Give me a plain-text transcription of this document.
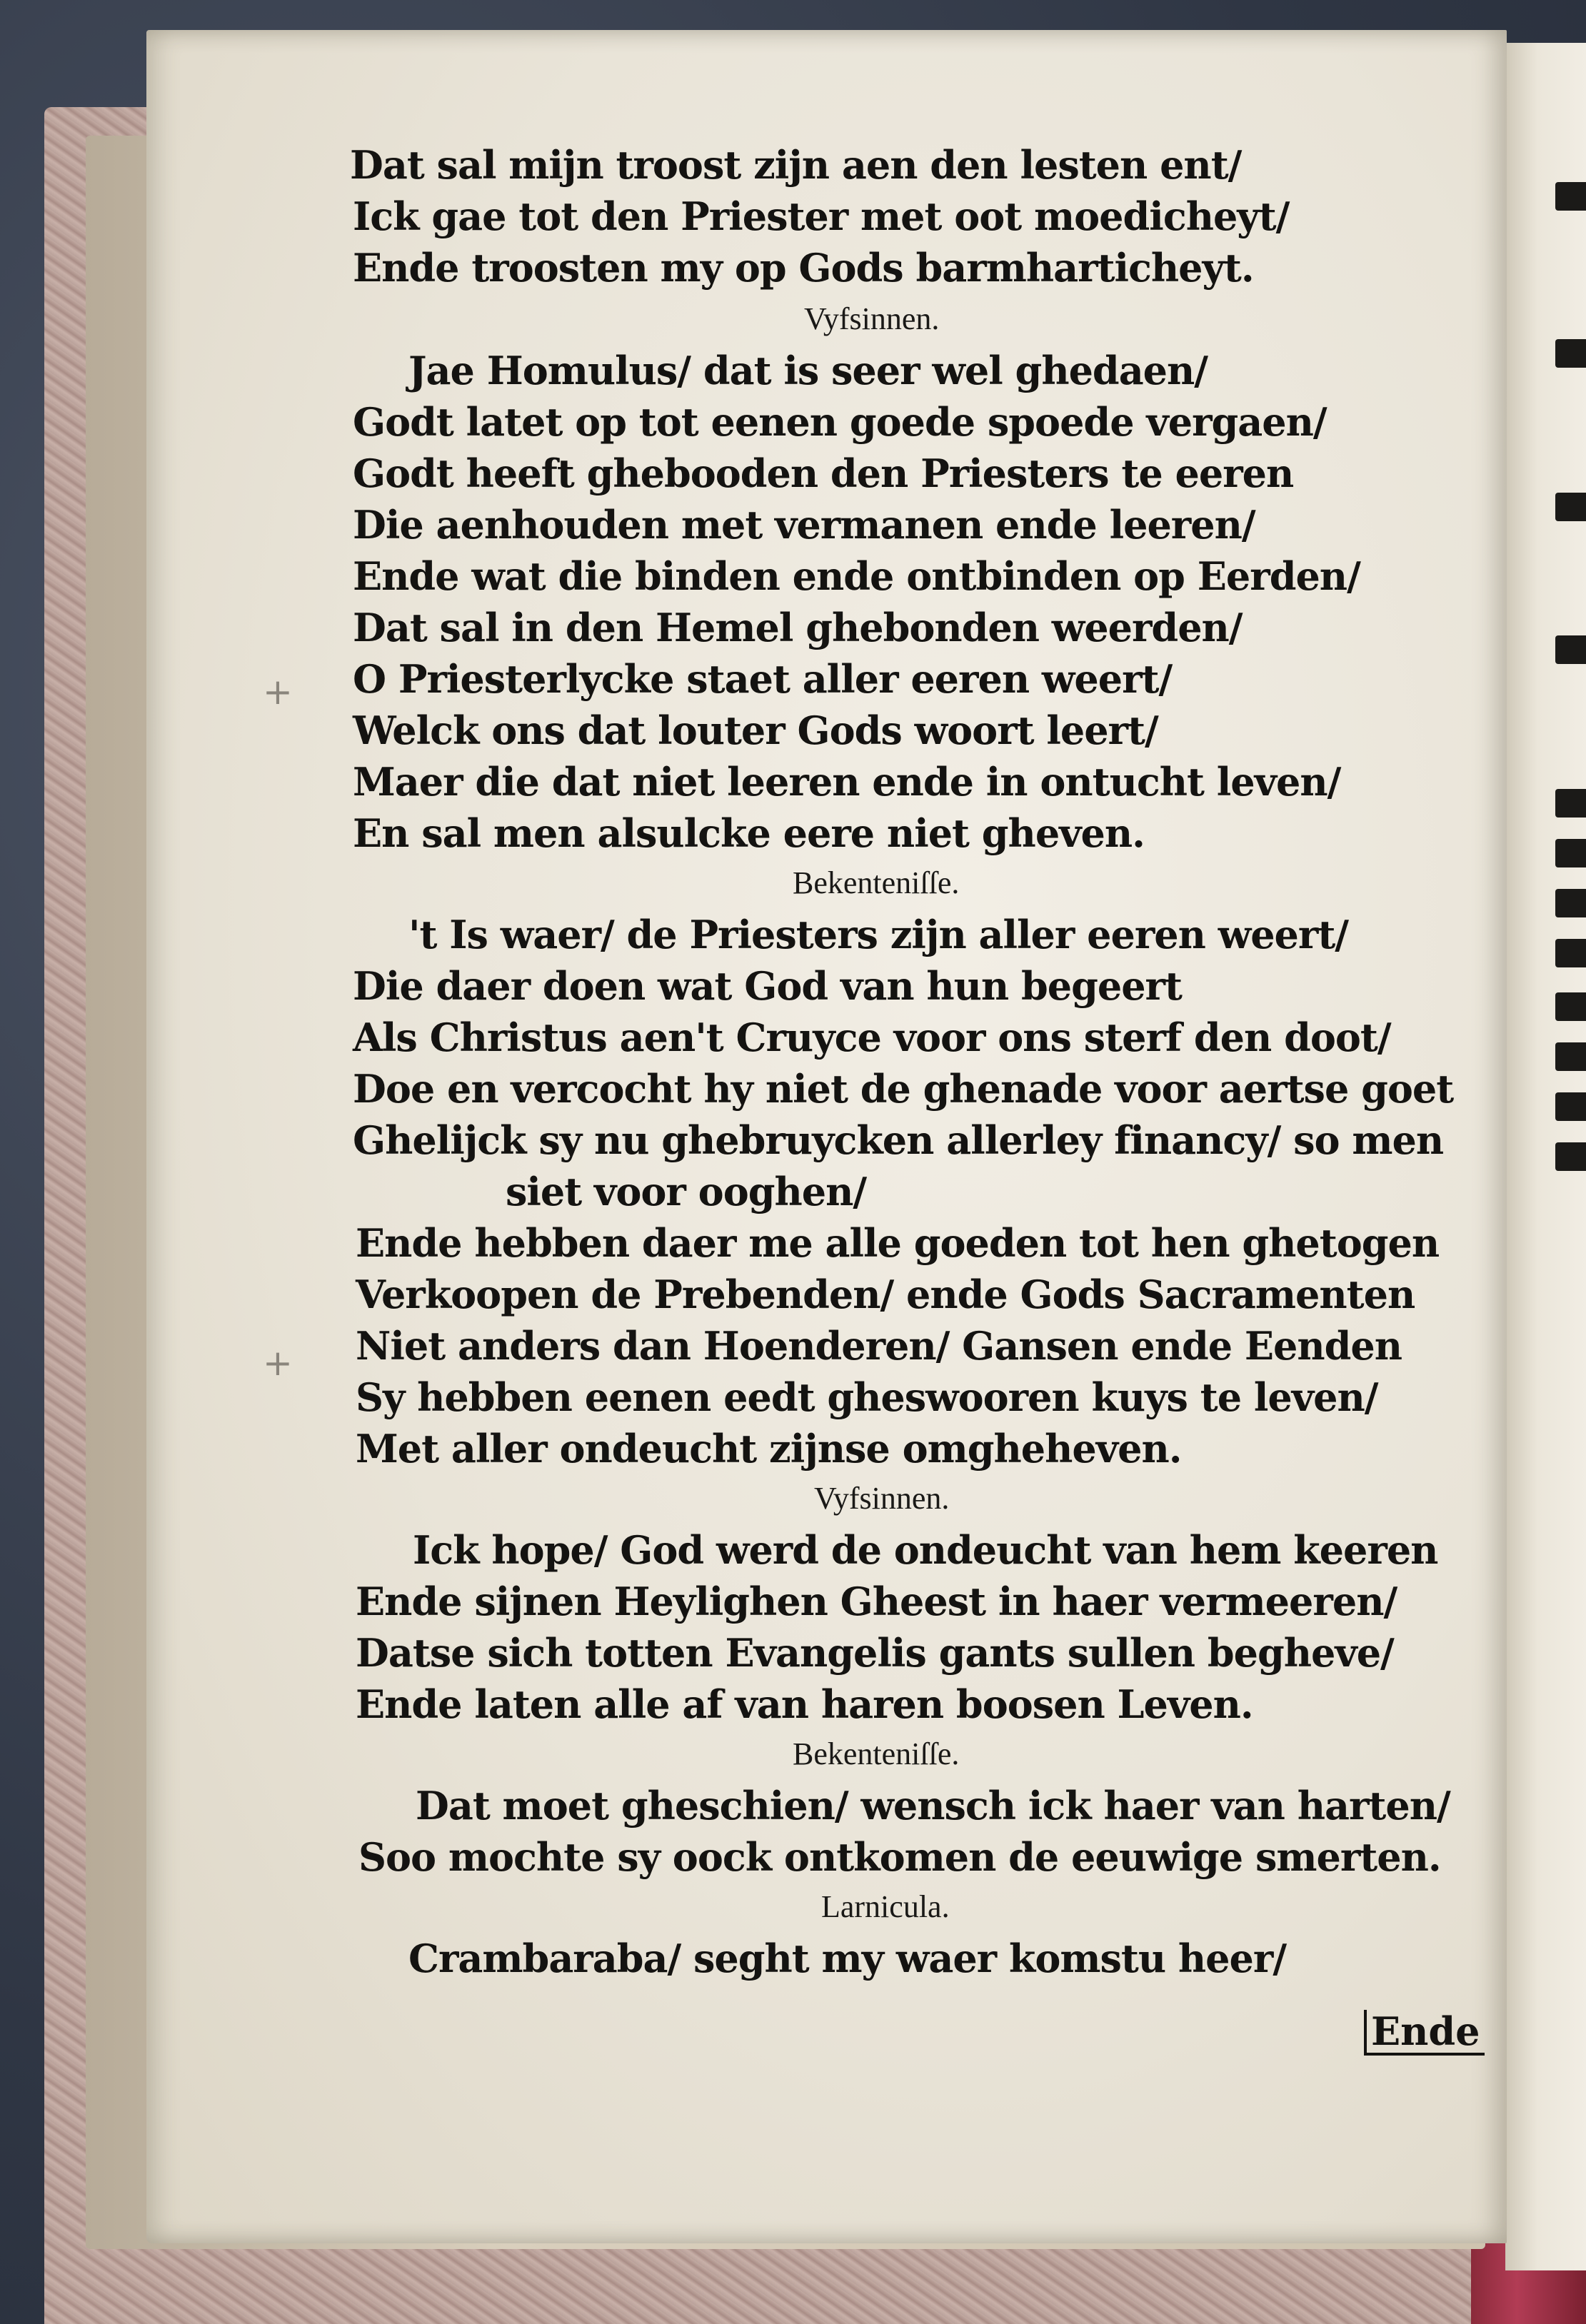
+
+
Dat sal mijn troost zijn aen den lesten ent/
Ick gae tot den Priester met oot moedicheyt/
Ende troosten my op Gods barmharticheyt.
Vyfsinnen.
Jae Homulus/ dat is seer wel ghedaen/
Godt latet op tot eenen goede spoede vergaen/
Godt heeft ghebooden den Priesters te eeren
Die aenhouden met vermanen ende leeren/
Ende wat die binden ende ontbinden op Eerden/
Dat sal in den Hemel ghebonden weerden/
O Priesterlycke staet aller eeren weert/
Welck ons dat louter Gods woort leert/
Maer die dat niet leeren ende in ontucht leven/
En sal men alsulcke eere niet gheven.
Bekenteniſſe.
't Is waer/ de Priesters zijn aller eeren weert/
Die daer doen wat God van hun begeert
Als Christus aen't Cruyce voor ons sterf den doot/
Doe en vercocht hy niet de ghenade voor aertse goet
Ghelijck sy nu ghebruycken allerley financy/ so men
siet voor ooghen/
Ende hebben daer me alle goeden tot hen ghetogen
Verkoopen de Prebenden/ ende Gods Sacramenten
Niet anders dan Hoenderen/ Gansen ende Eenden
Sy hebben eenen eedt gheswooren kuys te leven/
Met aller ondeucht zijnse omgheheven.
Vyfsinnen.
Ick hope/ God werd de ondeucht van hem keeren
Ende sijnen Heylighen Gheest in haer vermeeren/
Datse sich totten Evangelis gants sullen begheve/
Ende laten alle af van haren boosen Leven.
Bekenteniſſe.
Dat moet gheschien/ wensch ick haer van harten/
Soo mochte sy oock ontkomen de eeuwige smerten.
Larnicula.
Crambaraba/ seght my waer komstu heer/
Ende
